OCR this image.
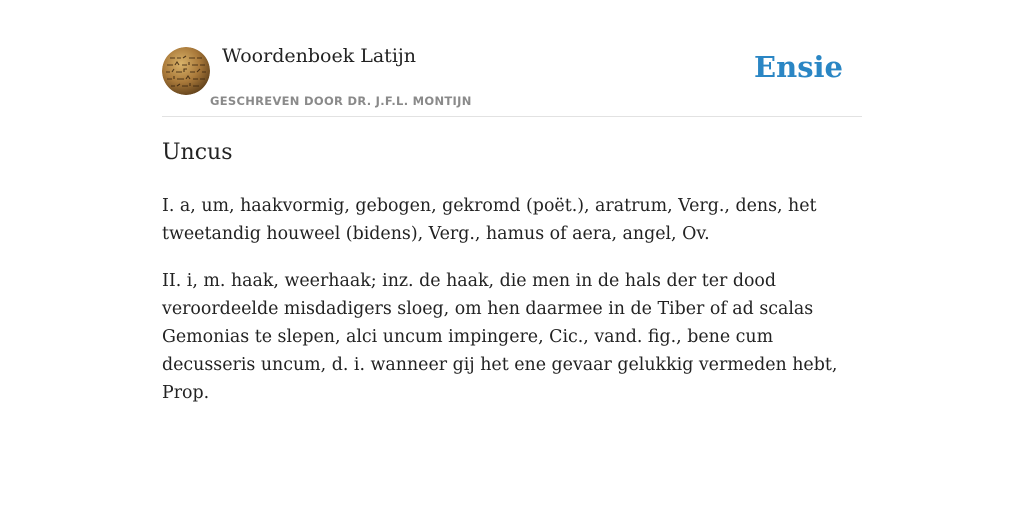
Woordenboek Latijn
GESCHREVEN DOOR DR. J.F.L. MONTIJN
Ensie
Uncus

I. a, um, haakvormig, gebogen, gekromd (poët.), aratrum, Verg., dens, het tweetandig houweel (bidens), Verg., hamus of aera, angel, Ov.

II. i, m. haak, weerhaak; inz. de haak, die men in de hals der ter dood veroordeelde misdadigers sloeg, om hen daarmee in de Tiber of ad scalas Gemonias te slepen, alci uncum impingere, Cic., vand. fig., bene cum decusseris uncum, d. i. wanneer gij het ene gevaar gelukkig vermeden hebt, Prop.
